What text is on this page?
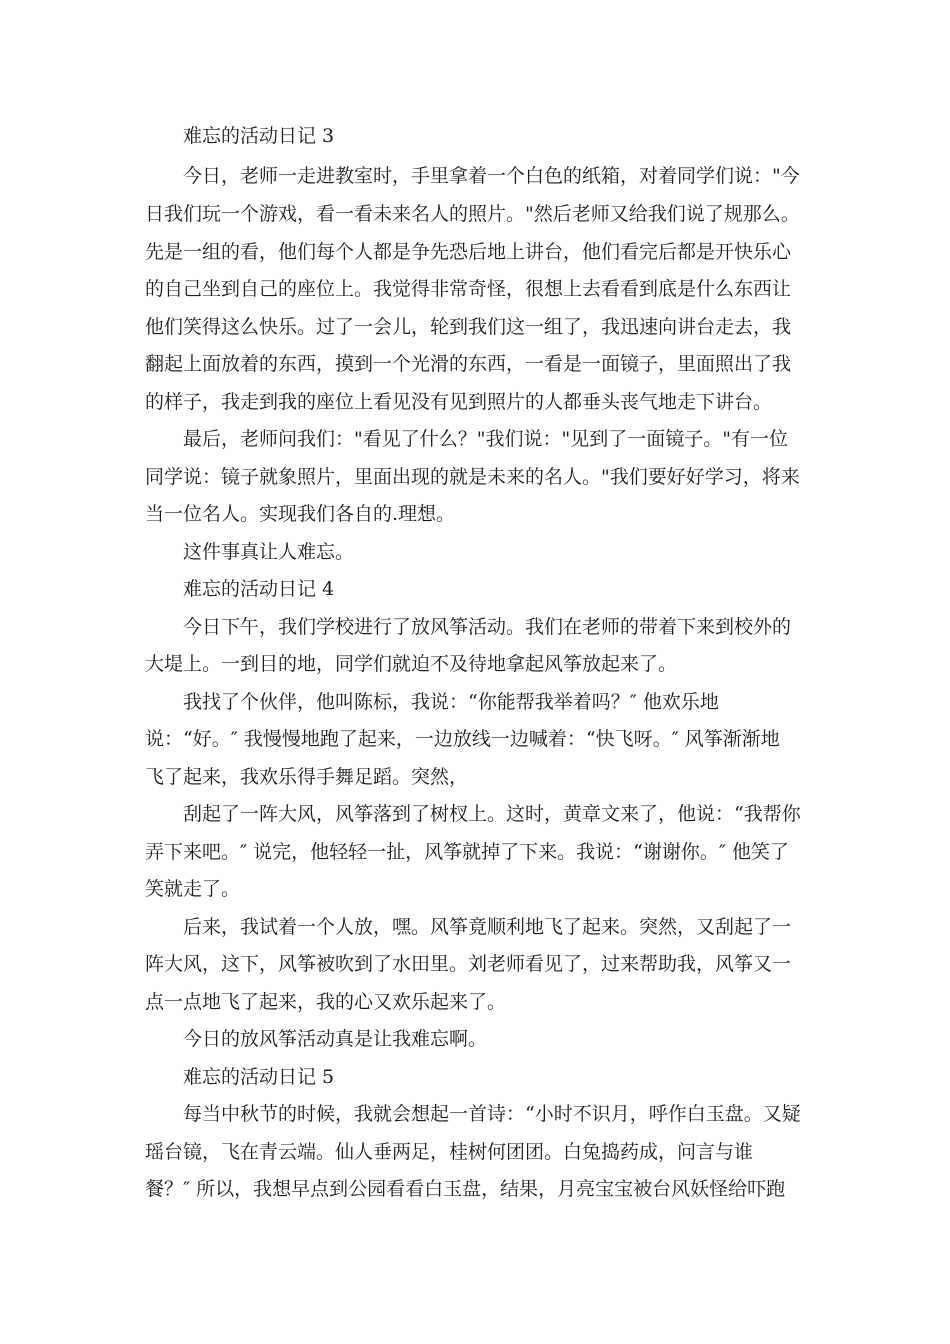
难忘的活动日记 3
今日，老师一走进教室时，手里拿着一个白色的纸箱，对着同学们说："今
日我们玩一个游戏，看一看未来名人的照片。"然后老师又给我们说了规那么。
先是一组的看，他们每个人都是争先恐后地上讲台，他们看完后都是开快乐心
的自己坐到自己的座位上。我觉得非常奇怪，很想上去看看到底是什么东西让
他们笑得这么快乐。过了一会儿，轮到我们这一组了，我迅速向讲台走去，我
翻起上面放着的东西，摸到一个光滑的东西，一看是一面镜子，里面照出了我
的样子，我走到我的座位上看见没有见到照片的人都垂头丧气地走下讲台。
最后，老师问我们："看见了什么？"我们说："见到了一面镜子。"有一位
同学说：镜子就象照片，里面出现的就是未来的名人。"我们要好好学习，将来
当一位名人。实现我们各自的.理想。
这件事真让人难忘。
难忘的活动日记 4
今日下午，我们学校进行了放风筝活动。我们在老师的带着下来到校外的
大堤上。一到目的地，同学们就迫不及待地拿起风筝放起来了。
我找了个伙伴，他叫陈标，我说：“你能帮我举着吗？″ 他欢乐地
说：“好。″ 我慢慢地跑了起来，一边放线一边喊着：“快飞呀。″ 风筝渐渐地
飞了起来，我欢乐得手舞足蹈。突然，
刮起了一阵大风，风筝落到了树杈上。这时，黄章文来了，他说：“我帮你
弄下来吧。″ 说完，他轻轻一扯，风筝就掉了下来。我说：“谢谢你。″ 他笑了
笑就走了。
后来，我试着一个人放，嘿。风筝竟顺利地飞了起来。突然，又刮起了一
阵大风，这下，风筝被吹到了水田里。刘老师看见了，过来帮助我，风筝又一
点一点地飞了起来，我的心又欢乐起来了。
今日的放风筝活动真是让我难忘啊。
难忘的活动日记 5
每当中秋节的时候，我就会想起一首诗：“小时不识月，呼作白玉盘。又疑
瑶台镜，飞在青云端。仙人垂两足，桂树何团团。白兔捣药成，问言与谁
餐？″ 所以，我想早点到公园看看白玉盘，结果，月亮宝宝被台风妖怪给吓跑
